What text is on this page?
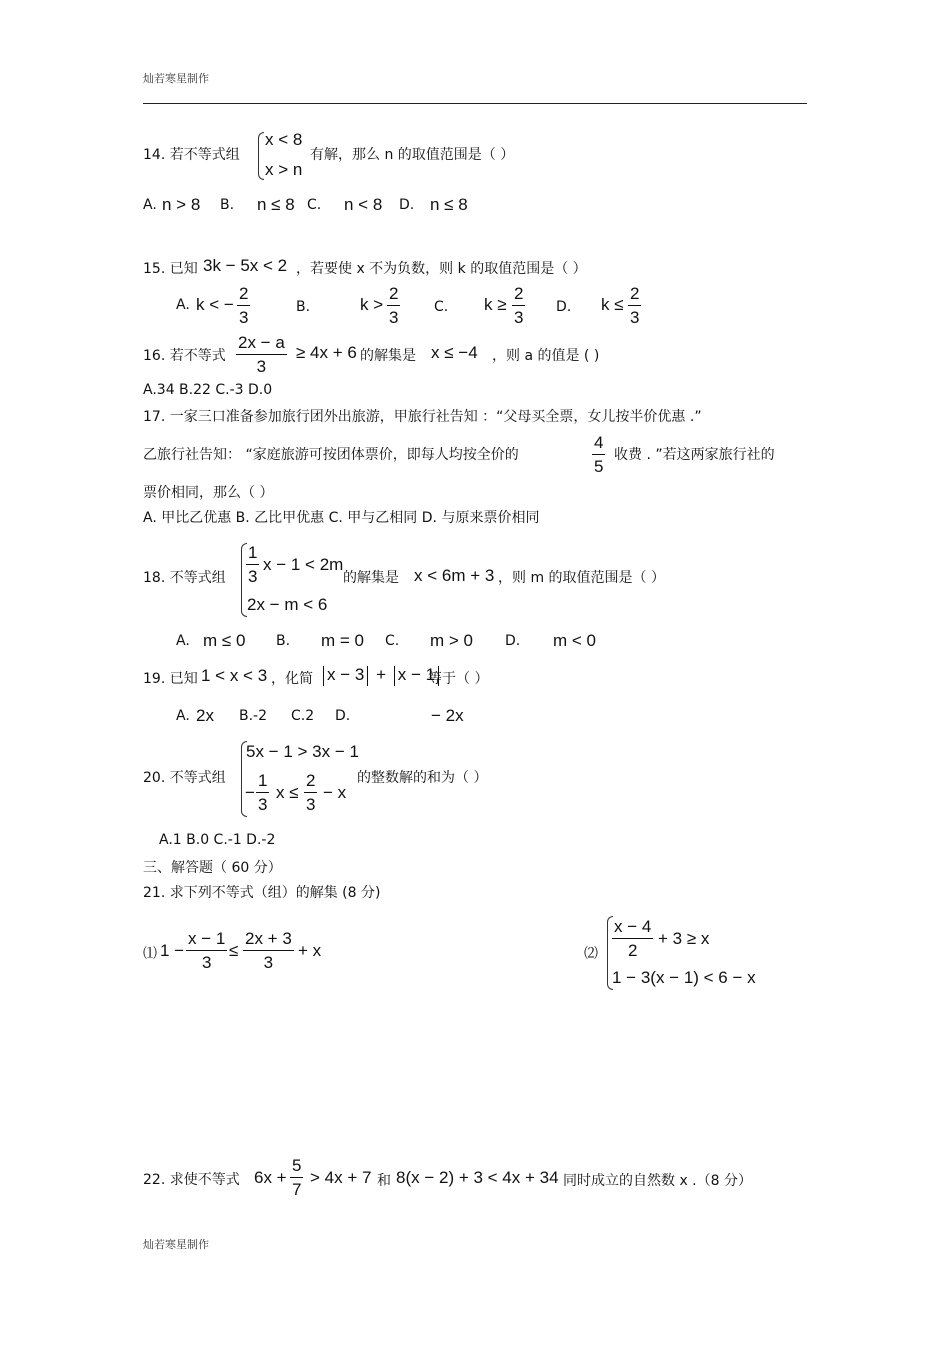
灿若寒星制作
14. 若不等式组
x < 8
x > n
有解，那么 n 的取值范围是（ ）
A. n > 8 B. n ≤ 8 C. n < 8 D. n ≤ 8
15. 已知 3k − 5x < 2 ，若要使 x 不为负数，则 k 的取值范围是（ ）
A. k < − $\frac{2}{3}$	B.	$k > \frac{2}{3} C$. $k \ge \frac{2}{3} D$. $k \le \frac{2}{3}$
16. 若不等式 $\frac{2x - a}{3} \ge 4x + 6$ 的解集是 x ≤ −4 ，则 a 的值是 ( )
A.34 B.22 C.-3 D.0
17. 一家三口准备参加旅行团外出旅游，甲旅行社告知 ：“父母买全票，女儿按半价优惠 .”
乙旅行社告知： “家庭旅游可按团体票价，即每人均按全价的	$\frac{4}{5}$ 收费 . ”若这两家旅行社的
票价相同，那么（ ）
A. 甲比乙优惠 B. 乙比甲优惠 C. 甲与乙相同 D. 与原来票价相同
18. 不等式组 $\frac{1}{3}$ x − 1 < 2m
2x − m < 6
的解集是 x < 6m + 3 ，则 m 的取值范围是（ ）
A. m ≤ 0 B. m = 0 C. m > 0 D. m < 0
19. 已知 1 < x < 3 ，化简 x − 3 + x − 1
等于（ ）
A. 2x B.-2 C.2 D.	− 2x
20. 不等式组
5x − 1 > 3x − 1
− $\frac{1}{3}$ $x \le \frac{2}{3} - x$
的整数解的和为（ ）
A.1 B.0 C.-1 D.-2
三、解答题（ 60 分）
21. 求下列不等式（组）的解集 (8 分)
⑴ $1 - \frac{x - 1}{3} \le \frac{2x + 3}{3} + x$	⑵ $\frac{x - 4}{2} + 3 \ge x$
1 − 3(x − 1) < 6 − x
22. 求使不等式 $6x + \frac{5}{7} > 4x + 7$ 和 8(x − 2) + 3 < 4x + 34 同时成立的自然数 x .（8 分）
灿若寒星制作
